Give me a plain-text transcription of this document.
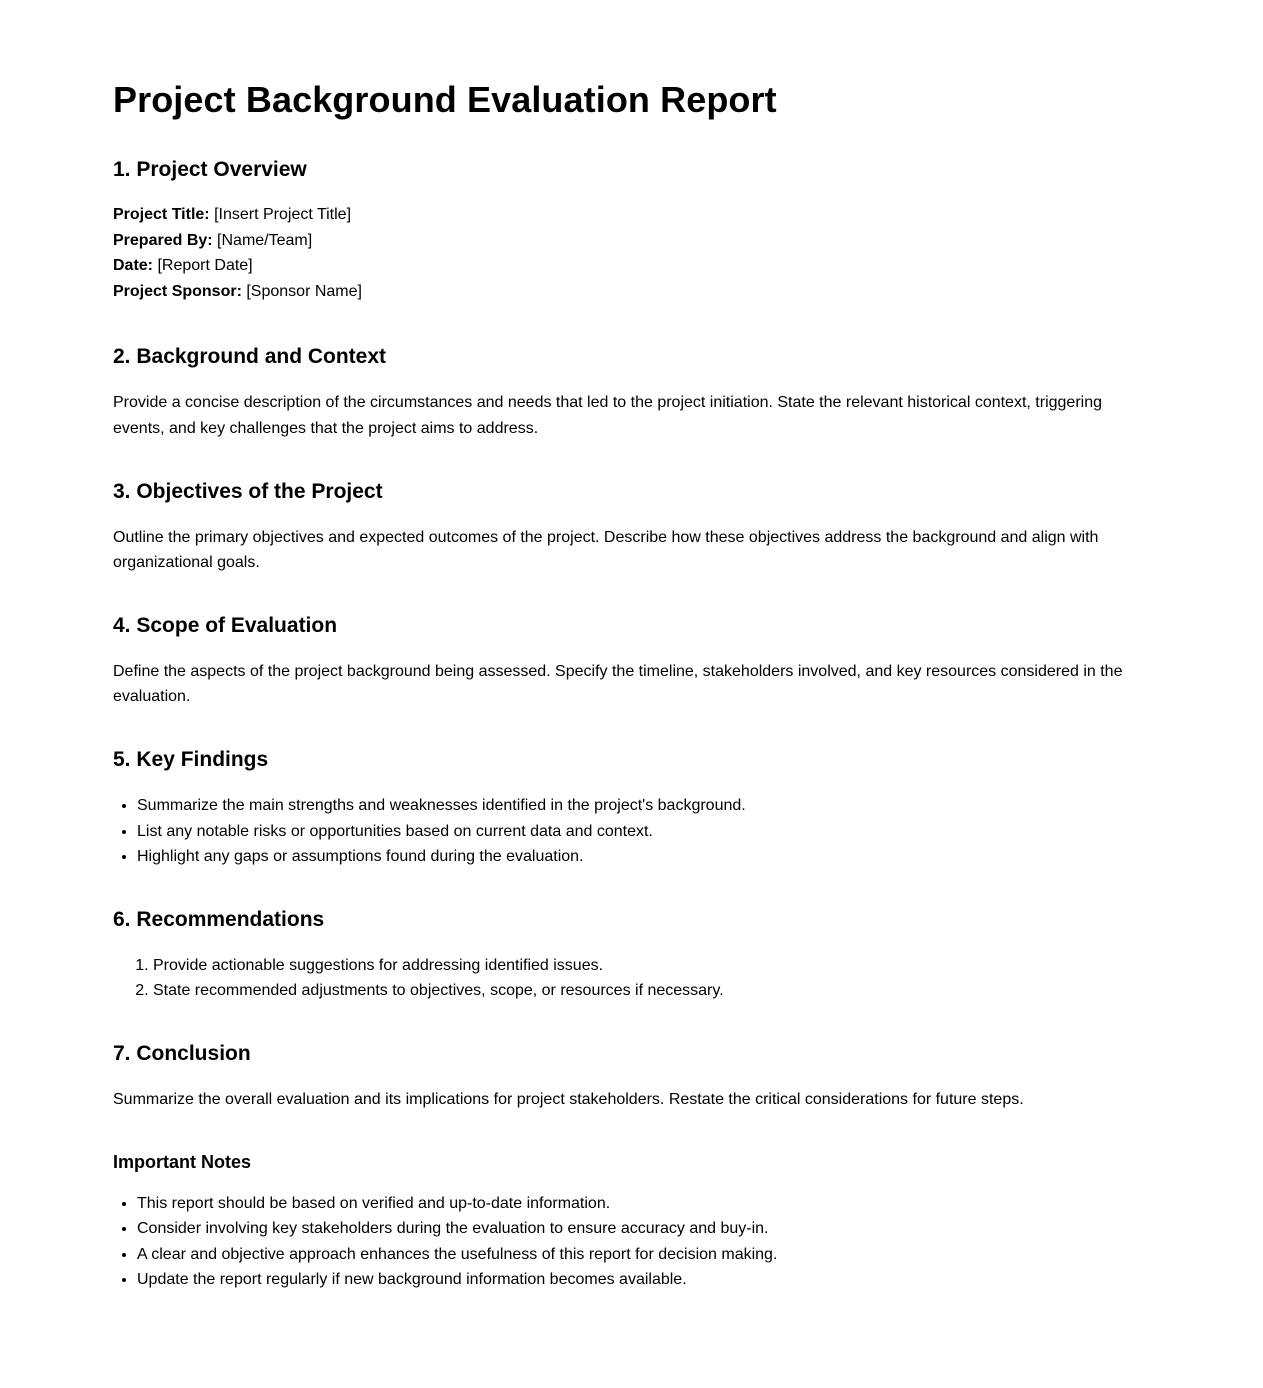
Project Background Evaluation Report
1. Project Overview
Project Title: [Insert Project Title]
Prepared By: [Name/Team]
Date: [Report Date]
Project Sponsor: [Sponsor Name]
2. Background and Context

Provide a concise description of the circumstances and needs that led to the project initiation. State the relevant historical context, triggering events, and key challenges that the project aims to address.

3. Objectives of the Project

Outline the primary objectives and expected outcomes of the project. Describe how these objectives address the background and align with organizational goals.

4. Scope of Evaluation

Define the aspects of the project background being assessed. Specify the timeline, stakeholders involved, and key resources considered in the evaluation.

5. Key Findings
• Summarize the main strengths and weaknesses identified in the project's background.
• List any notable risks or opportunities based on current data and context.
• Highlight any gaps or assumptions found during the evaluation.
6. Recommendations
1. Provide actionable suggestions for addressing identified issues.
2. State recommended adjustments to objectives, scope, or resources if necessary.
7. Conclusion

Summarize the overall evaluation and its implications for project stakeholders. Restate the critical considerations for future steps.

Important Notes
• This report should be based on verified and up-to-date information.
• Consider involving key stakeholders during the evaluation to ensure accuracy and buy-in.
• A clear and objective approach enhances the usefulness of this report for decision making.
• Update the report regularly if new background information becomes available.
